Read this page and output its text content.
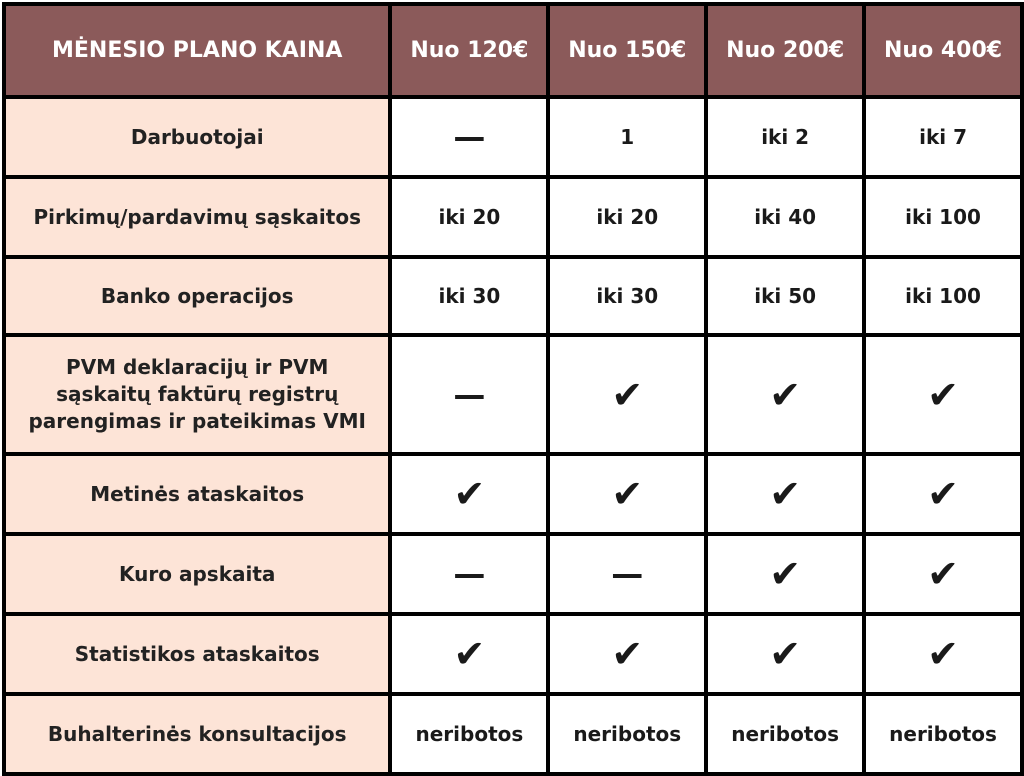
MĖNESIO PLANO KAINA	Nuo 120€	Nuo 150€	Nuo 200€	Nuo 400€
Darbuotojai	—	1	iki 2	iki 7
Pirkimų/pardavimų sąskaitos	iki 20	iki 20	iki 40	iki 100
Banko operacijos	iki 30	iki 30	iki 50	iki 100
PVM deklaracijų ir PVM sąskaitų faktūrų registrų parengimas ir pateikimas VMI	—	✔	✔	✔
Metinės ataskaitos	✔	✔	✔	✔
Kuro apskaita	—	—	✔	✔
Statistikos ataskaitos	✔	✔	✔	✔
Buhalterinės konsultacijos	neribotos	neribotos	neribotos	neribotos
